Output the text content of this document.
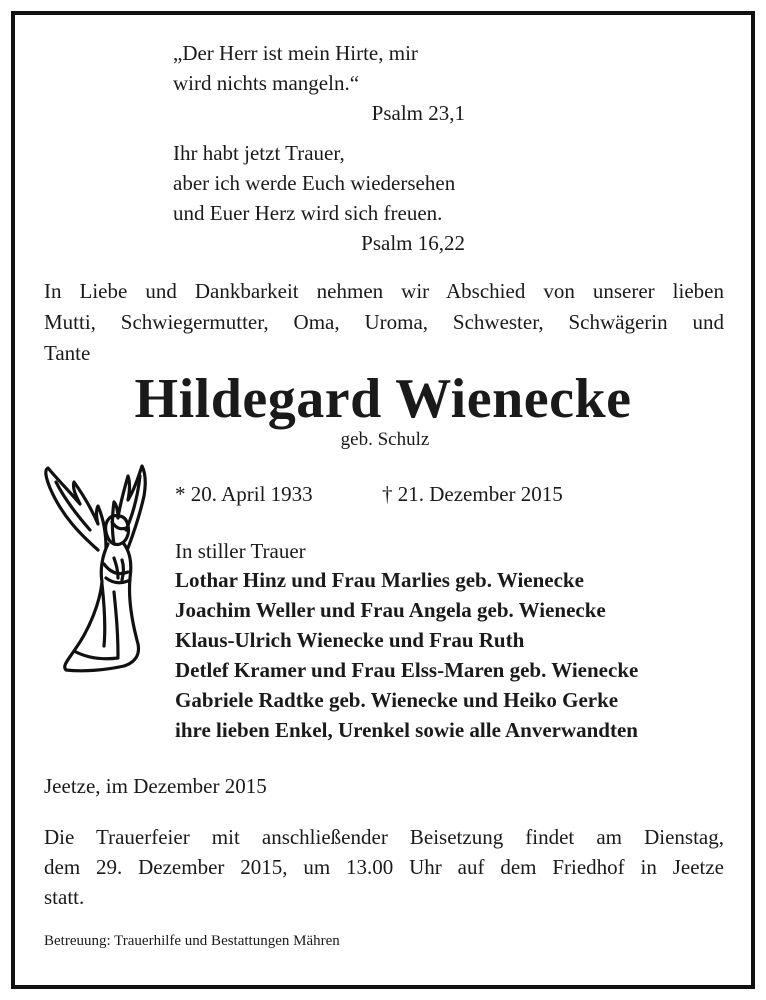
„Der Herr ist mein Hirte, mir
wird nichts mangeln.“
Psalm 23,1
Ihr habt jetzt Trauer,
aber ich werde Euch wiedersehen
und Euer Herz wird sich freuen.
Psalm 16,22
In Liebe und Dankbarkeit nehmen wir Abschied von unserer lieben
Mutti, Schwiegermutter, Oma, Uroma, Schwester, Schwägerin und
Tante
Hildegard Wienecke
geb. Schulz
* 20. April 1933	† 21. Dezember 2015
In stiller Trauer
Lothar Hinz und Frau Marlies geb. Wienecke
Joachim Weller und Frau Angela geb. Wienecke
Klaus-Ulrich Wienecke und Frau Ruth
Detlef Kramer und Frau Elss-Maren geb. Wienecke
Gabriele Radtke geb. Wienecke und Heiko Gerke
ihre lieben Enkel, Urenkel sowie alle Anverwandten
Jeetze, im Dezember 2015
Die Trauerfeier mit anschließender Beisetzung findet am Dienstag,
dem 29. Dezember 2015, um 13.00 Uhr auf dem Friedhof in Jeetze
statt.
Betreuung: Trauerhilfe und Bestattungen Mähren
